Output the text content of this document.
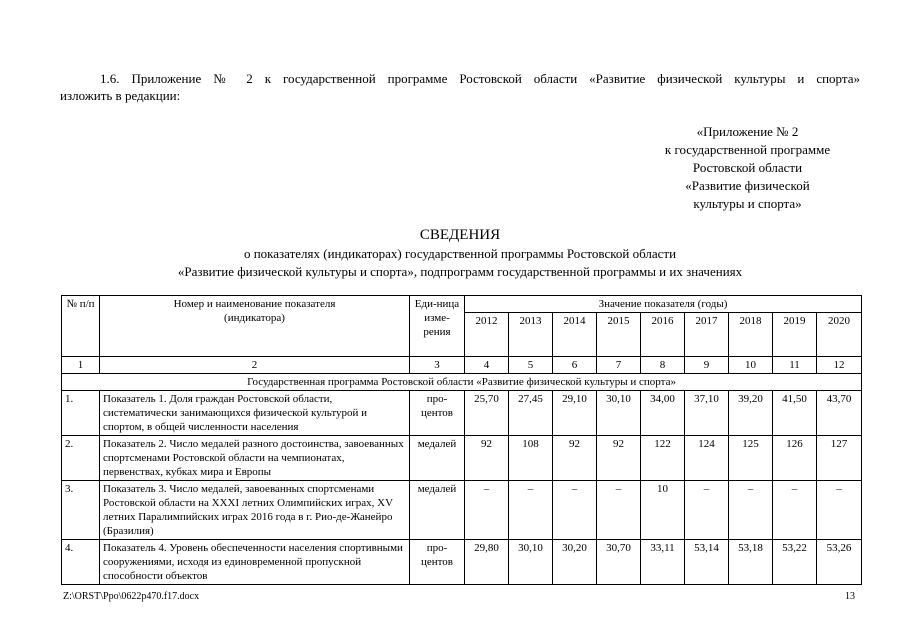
1.6. Приложение № 2 к государственной программе Ростовской области «Развитие физической культуры и спорта»
изложить в редакции:
«Приложение № 2
к государственной программе
Ростовской области
«Развитие физической
культуры и спорта»
СВЕДЕНИЯ
о показателях (индикаторах) государственной программы Ростовской области
«Развитие физической культуры и спорта», подпрограмм государственной программы и их значениях
№ п/п	Номер и наименование показателя (индикатора)	Еди-ница изме-рения	Значение показателя (годы)								
			2012	2013	2014	2015	2016	2017	2018	2019	2020
1	2	3	4	5	6	7	8	9	10	11	12
Государственная программа Ростовской области «Развитие физической культуры и спорта»											
1.	Показатель 1. Доля граждан Ростовской области, систематически занимающихся физической культурой и спортом, в общей численности населения	про-центов	25,70	27,45	29,10	30,10	34,00	37,10	39,20	41,50	43,70
2.	Показатель 2. Число медалей разного достоинства, завоеванных спортсменами Ростовской области на чемпионатах, первенствах, кубках мира и Европы	медалей	92	108	92	92	122	124	125	126	127
3.	Показатель 3. Число медалей, завоеванных спортсменами Ростовской области на XXXI летних Олимпийских играх, XV летних Паралимпийских играх 2016 года в г. Рио-де-Жанейро (Бразилия)	медалей	–	–	–	–	10	–	–	–	–
4.	Показатель 4. Уровень обеспеченности населения спортивными сооружениями, исходя из единовременной пропускной способности объектов	про-центов	29,80	30,10	30,20	30,70	33,11	53,14	53,18	53,22	53,26
Z:\ORST\Ppo\0622p470.f17.docx	13
